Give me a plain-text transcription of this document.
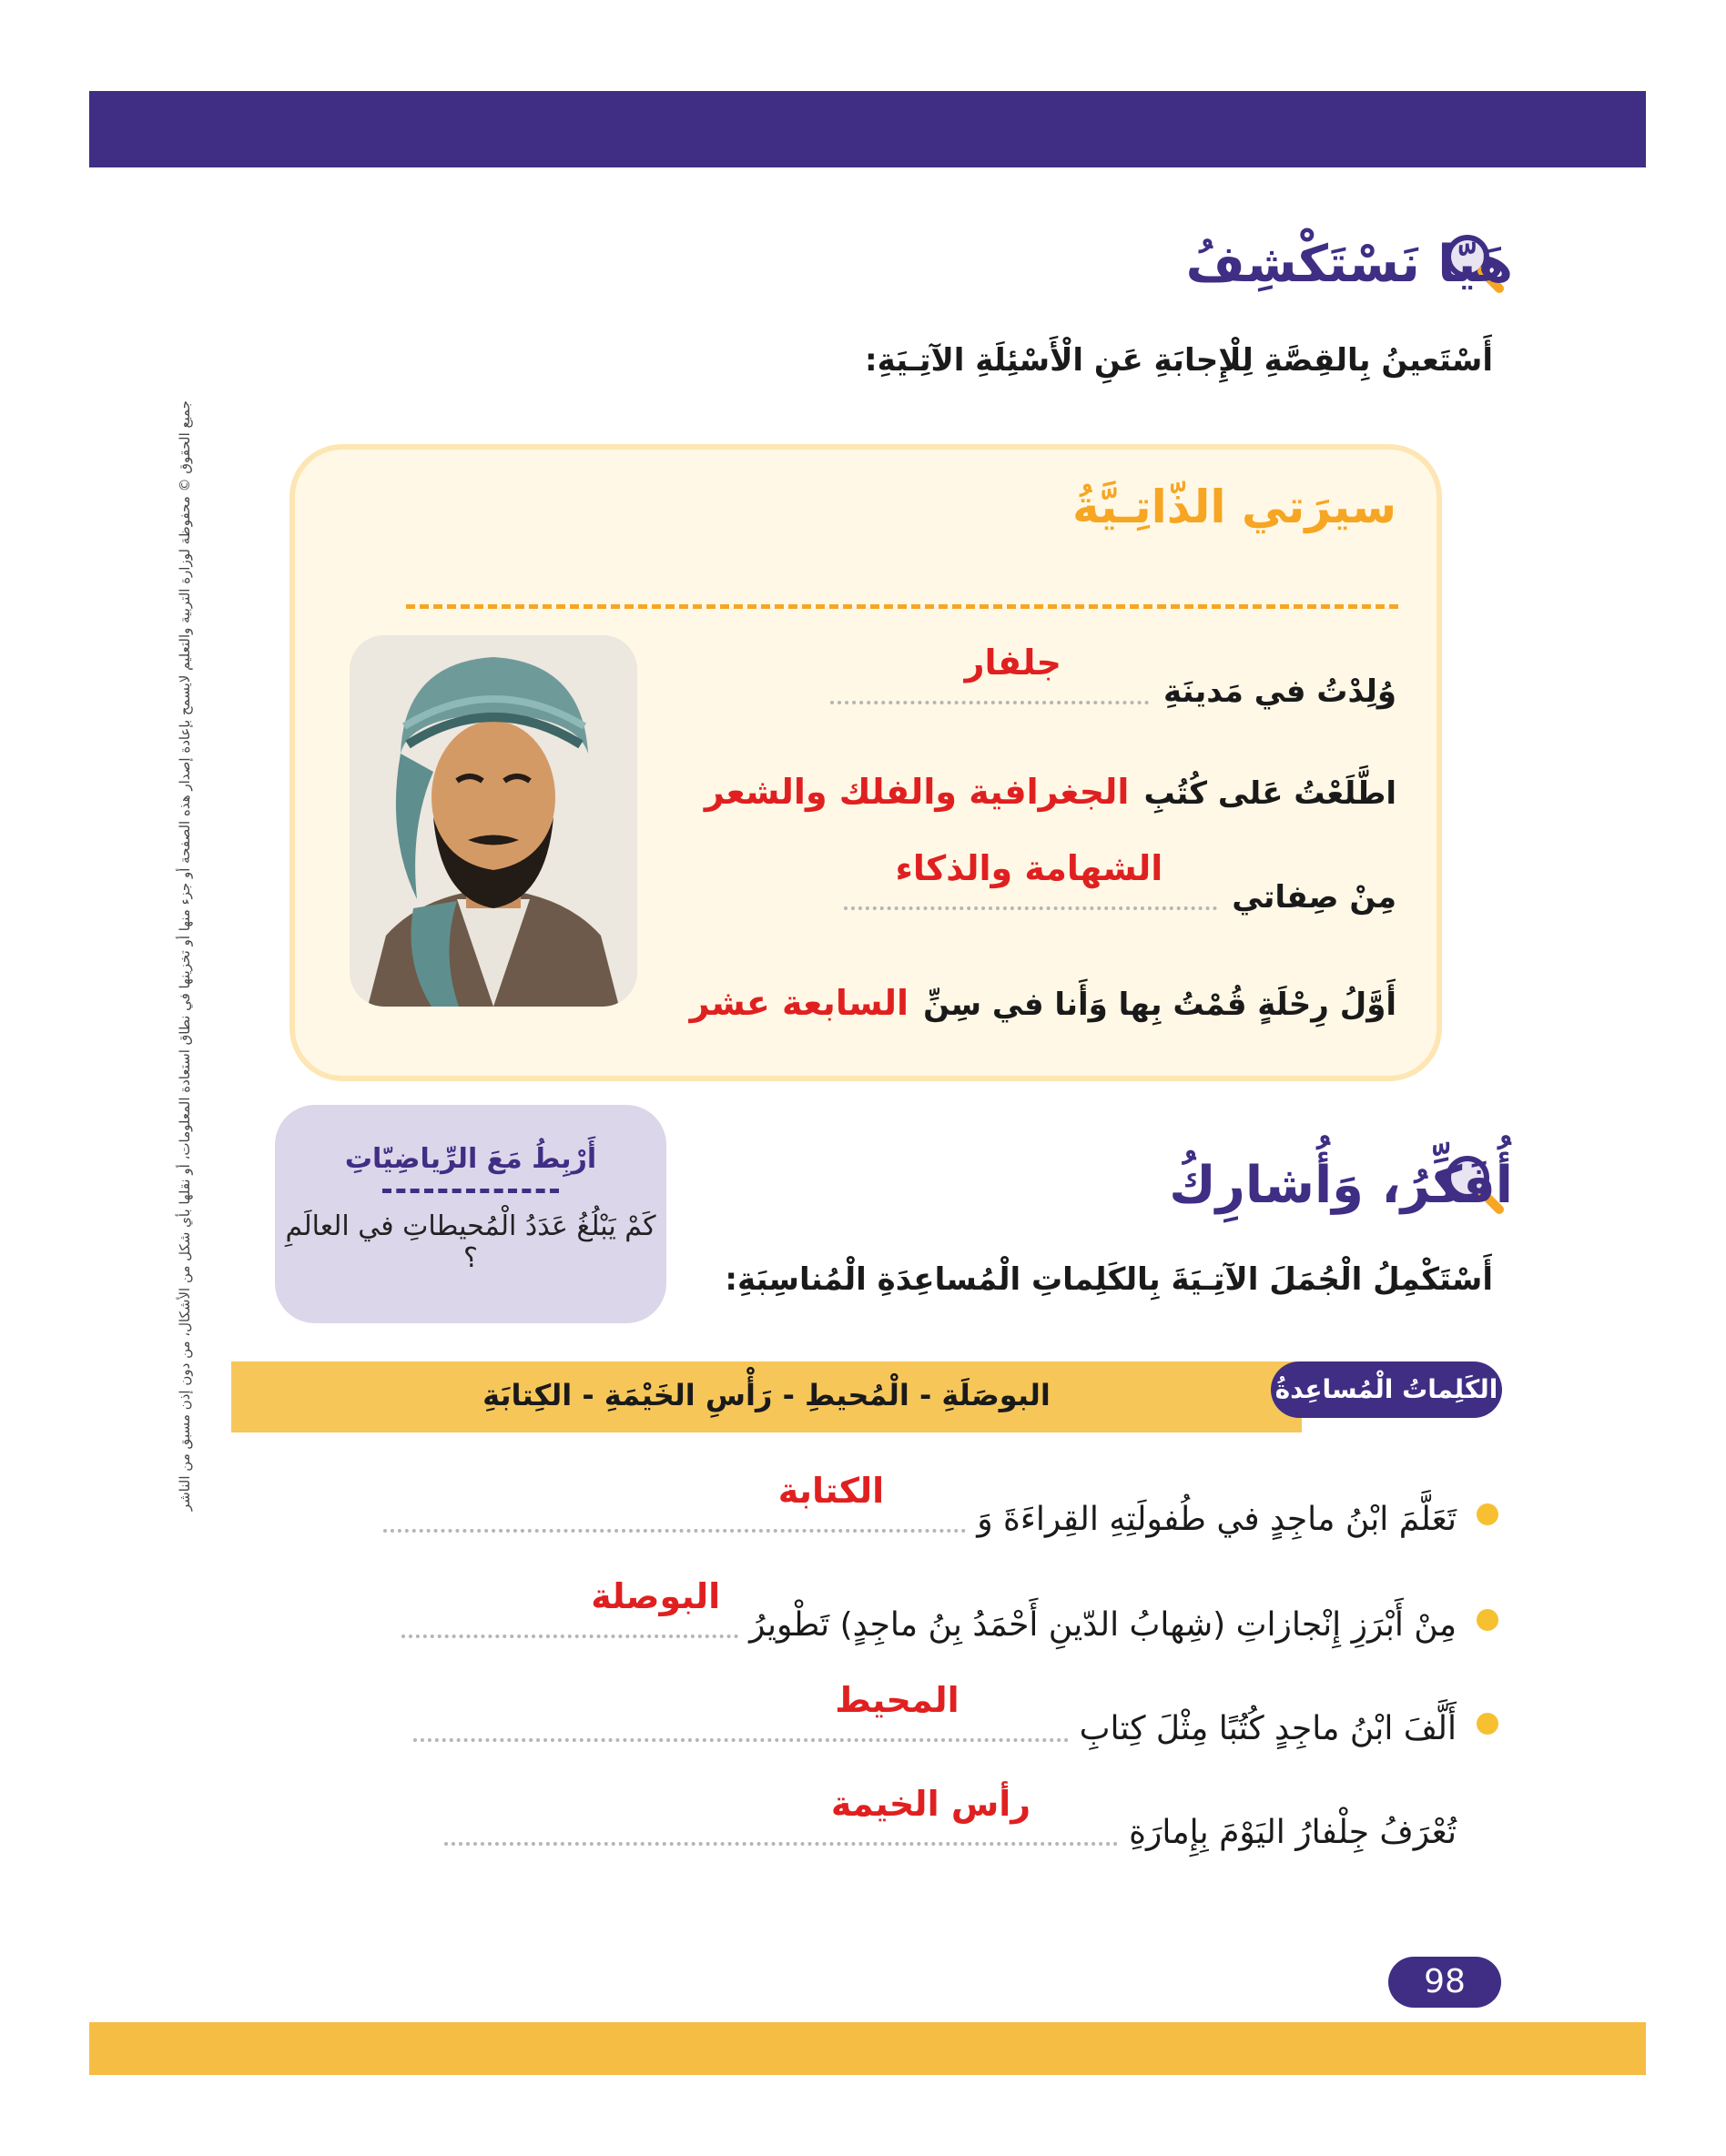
جميع الحقوق © محفوظة لوزارة التربية والتعليم لايسمح بإعادة إصدار هذه الصفحة أو جزء منها أو تخزينها في نطاق استعادة المعلومات، أو نقلها بأي شكل من الأشكال، من دون إذن مسبق من الناشر
هَيّا نَسْتَكْشِفُ
أَسْتَعينُ بِالقِصَّةِ لِلْإِجابَةِ عَنِ الْأَسْئِلَةِ الآتِـيَةِ:
سيرَتي الذّاتِـيَّةُ
وُلِدْتُ في مَدينَةِ
جلفار
اطَّلَعْتُ عَلى كُتُبِ
الجغرافية والفلك والشعر
مِنْ صِفاتي
الشهامة والذكاء
أَوَّلُ رِحْلَةٍ قُمْتُ بِها وَأَنا في سِنِّ
السابعة عشر
أَرْبِطُ مَعَ الرِّياضِيّاتِ
كَمْ يَبْلُغُ عَدَدُ الْمُحيطاتِ في العالَمِ ؟
أُفَكِّرُ، وَأُشارِكُ
أَسْتَكْمِلُ الْجُمَلَ الآتِـيَةَ بِالكَلِماتِ الْمُساعِدَةِ الْمُناسِبَةِ:
البوصَلَةِ - الْمُحيطِ - رَأْسِ الخَيْمَةِ - الكِتابَةِ	الكَلِماتُ الْمُساعِدةُ
تَعَلَّمَ ابْنُ ماجِدٍ في طُفولَتِهِ القِراءَةَ وَ
الكتابة
مِنْ أَبْرَزِ إِنْجازاتِ (شِهابُ الدّينِ أَحْمَدُ بِنُ ماجِدٍ) تَطْويرُ
البوصلة
أَلَّفَ ابْنُ ماجِدٍ كُتُبًا مِثْلَ كِتابِ
المحيط
تُعْرَفُ جِلْفارُ اليَوْمَ بِإِمارَةِ
رأس الخيمة
98
